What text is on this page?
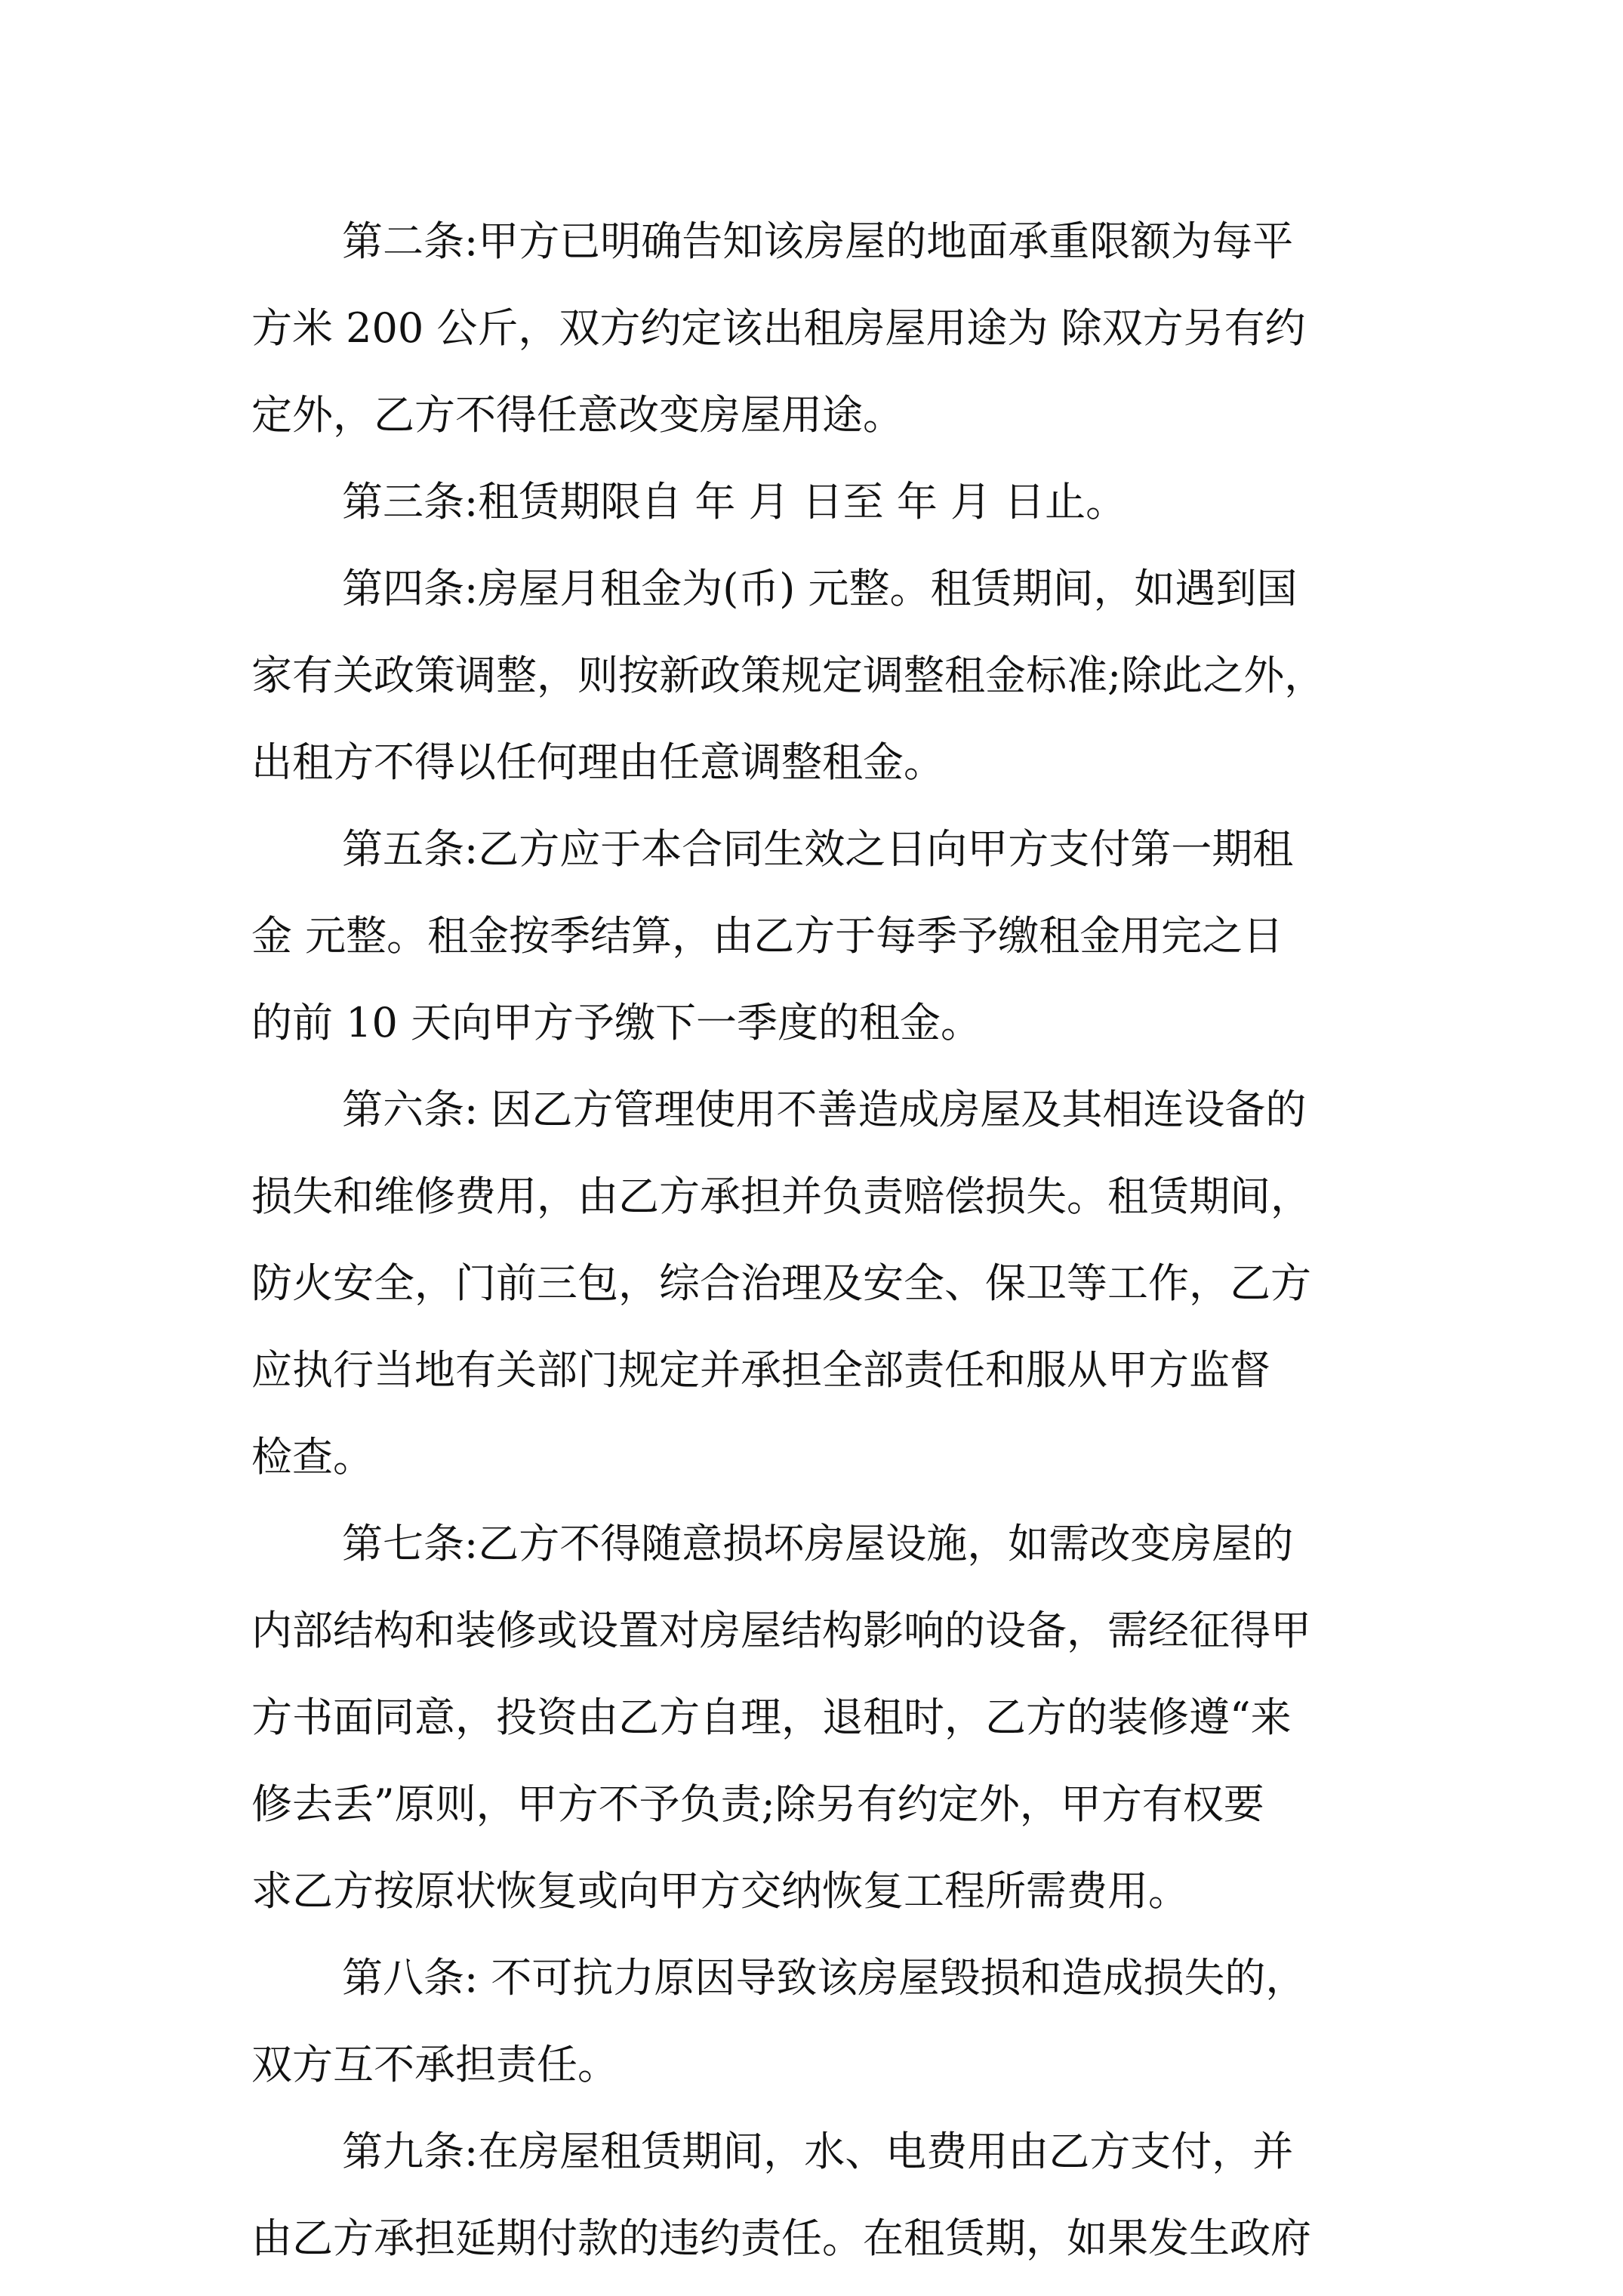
第二条:甲方已明确告知该房屋的地面承重限额为每平
方米 200 公斤，双方约定该出租房屋用途为 除双方另有约
定外，乙方不得任意改变房屋用途。
第三条:租赁期限自 年 月 日至 年 月 日止。
第四条:房屋月租金为(币) 元整。租赁期间，如遇到国
家有关政策调整，则按新政策规定调整租金标准;除此之外，
出租方不得以任何理由任意调整租金。
第五条:乙方应于本合同生效之日向甲方支付第一期租
金 元整。租金按季结算，由乙方于每季予缴租金用完之日
的前 10 天向甲方予缴下一季度的租金。
第六条: 因乙方管理使用不善造成房屋及其相连设备的
损失和维修费用，由乙方承担并负责赔偿损失。租赁期间，
防火安全，门前三包，综合治理及安全、保卫等工作，乙方
应执行当地有关部门规定并承担全部责任和服从甲方监督
检查。
第七条:乙方不得随意损坏房屋设施，如需改变房屋的
内部结构和装修或设置对房屋结构影响的设备，需经征得甲
方书面同意，投资由乙方自理，退租时，乙方的装修遵“来
修去丢”原则，甲方不予负责;除另有约定外，甲方有权要
求乙方按原状恢复或向甲方交纳恢复工程所需费用。
第八条: 不可抗力原因导致该房屋毁损和造成损失的，
双方互不承担责任。
第九条:在房屋租赁期间，水、电费用由乙方支付，并
由乙方承担延期付款的违约责任。在租赁期，如果发生政府
